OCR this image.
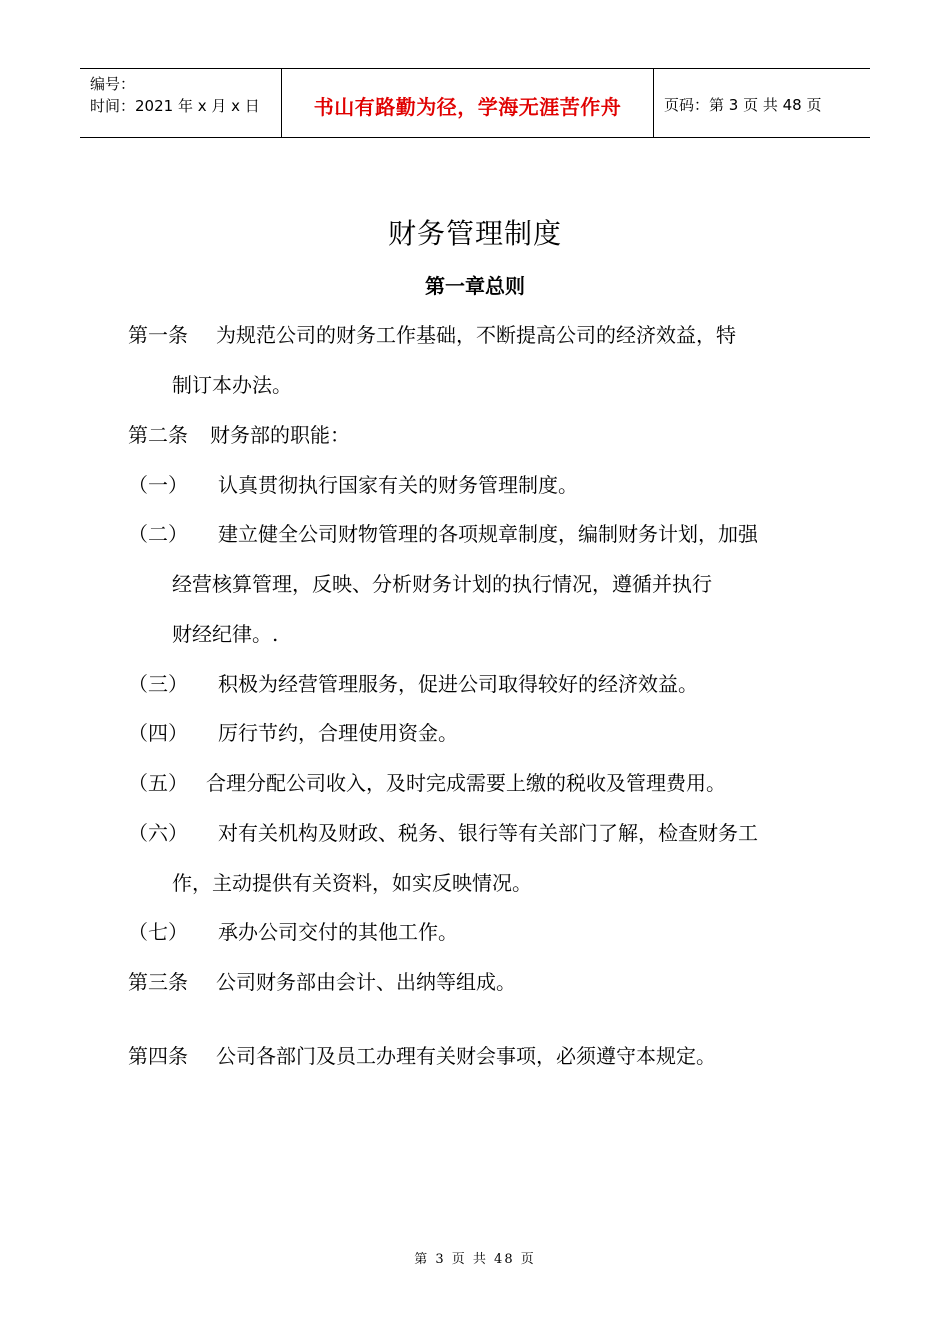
编号：
时间：2021 年 x 月 x 日	书山有路勤为径，学海无涯苦作舟	页码：第 3 页 共 48 页
财务管理制度
第一章总则
第一条 为规范公司的财务工作基础，不断提高公司的经济效益，特
制订本办法。
第二条 财务部的职能：
（一） 认真贯彻执行国家有关的财务管理制度。
（二） 建立健全公司财物管理的各项规章制度，编制财务计划，加强
经营核算管理，反映、分析财务计划的执行情况，遵循并执行
财经纪律。.
（三） 积极为经营管理服务，促进公司取得较好的经济效益。
（四） 厉行节约，合理使用资金。
（五） 合理分配公司收入，及时完成需要上缴的税收及管理费用。
（六） 对有关机构及财政、税务、银行等有关部门了解，检查财务工
作，主动提供有关资料，如实反映情况。
（七） 承办公司交付的其他工作。
第三条 公司财务部由会计、出纳等组成。
第四条 公司各部门及员工办理有关财会事项，必须遵守本规定。
第 3 页 共 48 页
